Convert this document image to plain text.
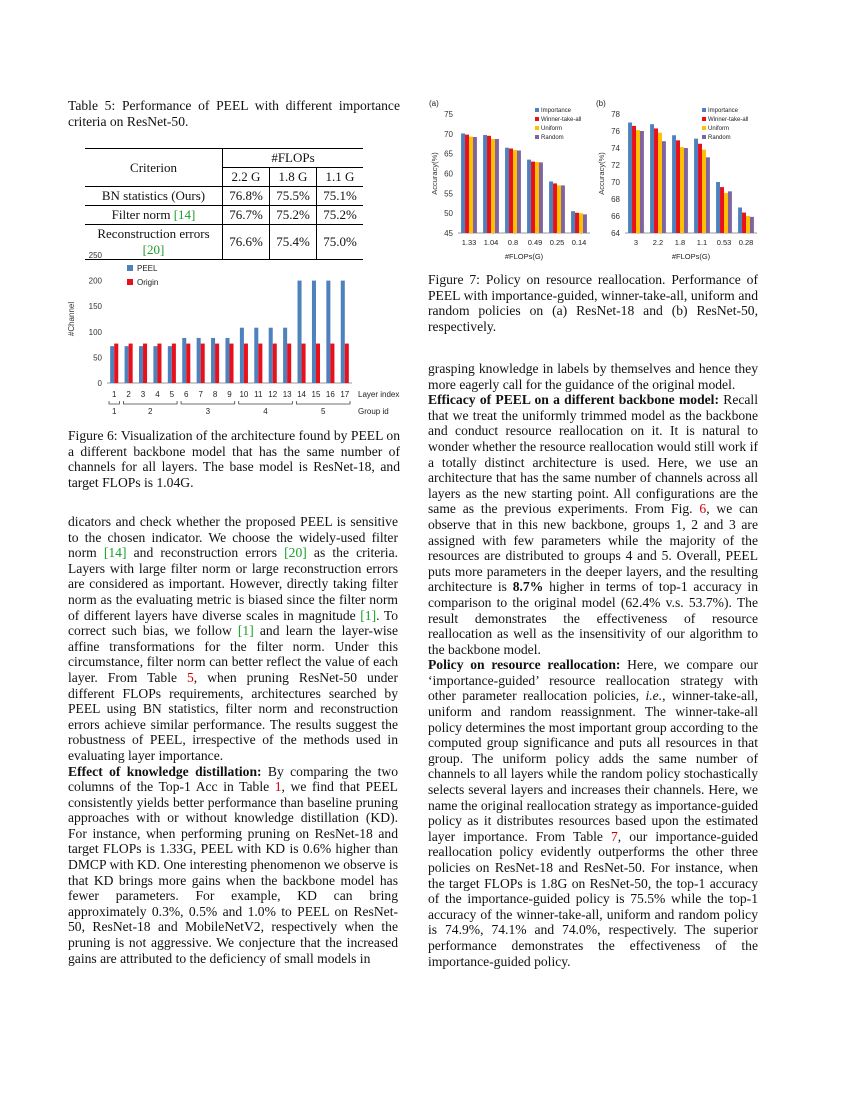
Table 5: Performance of PEEL with different importance criteria on ResNet-50.
Criterion	#FLOPs		
	2.2 G	1.8 G	1.1 G
BN statistics (Ours)	76.8%	75.5%	75.1%
Filter norm [14]	76.7%	75.2%	75.2%
Reconstruction errors [20]	76.6%	75.4%	75.0%
0
50
100
150
200
250
#Channel
1 2 3 4 5 6 7 8 9 10 11 12 13 14 15 16 17 Layer index
1	2	3	4	5	Group id
PEEL
Origin
Figure 6: Visualization of the architecture found by PEEL on a different backbone model that has the same number of channels for all layers. The base model is ResNet-18, and target FLOPs is 1.04G.
(a)
45
50
55
60
65
70
75
Accuracy(%)
1.33 1.04 0.8 0.49 0.25 0.14
#FLOPs(G)
Importance
Winner-take-all
Uniform
Random
(b)
64
66
68
70
72
74
76
78
Accuracy(%)
3 2.2 1.8 1.1 0.53 0.28
#FLOPs(G)
Importance
Winner-take-all
Uniform
Random
Figure 7: Policy on resource reallocation. Performance of PEEL with importance-guided, winner-take-all, uniform and random policies on (a) ResNet-18 and (b) ResNet-50, respectively.

dicators and check whether the proposed PEEL is sensitive to the chosen indicator. We choose the widely-used filter norm [14] and reconstruction errors [20] as the criteria. Layers with large filter norm or large reconstruction errors are considered as important. However, directly taking filter norm as the evaluating metric is biased since the filter norm of different layers have diverse scales in magnitude [1]. To correct such bias, we follow [1] and learn the layer-wise affine transformations for the filter norm. Under this circumstance, filter norm can better reflect the value of each layer. From Table 5, when pruning ResNet-50 under different FLOPs requirements, architectures searched by PEEL using BN statistics, filter norm and reconstruction errors achieve similar performance. The results suggest the robustness of PEEL, irrespective of the methods used in evaluating layer importance.

Effect of knowledge distillation: By comparing the two columns of the Top-1 Acc in Table 1, we find that PEEL consistently yields better performance than baseline pruning approaches with or without knowledge distillation (KD). For instance, when performing pruning on ResNet-18 and target FLOPs is 1.33G, PEEL with KD is 0.6% higher than DMCP with KD. One interesting phenomenon we observe is that KD brings more gains when the backbone model has fewer parameters. For example, KD can bring approximately 0.3%, 0.5% and 1.0% to PEEL on ResNet-50, ResNet-18 and MobileNetV2, respectively when the pruning is not aggressive. We conjecture that the increased gains are attributed to the deficiency of small models in

grasping knowledge in labels by themselves and hence they more eagerly call for the guidance of the original model.

Efficacy of PEEL on a different backbone model: Recall that we treat the uniformly trimmed model as the backbone and conduct resource reallocation on it. It is natural to wonder whether the resource reallocation would still work if a totally distinct architecture is used. Here, we use an architecture that has the same number of channels across all layers as the new starting point. All configurations are the same as the previous experiments. From Fig. 6, we can observe that in this new backbone, groups 1, 2 and 3 are assigned with few parameters while the majority of the resources are distributed to groups 4 and 5. Overall, PEEL puts more parameters in the deeper layers, and the resulting architecture is 8.7% higher in terms of top-1 accuracy in comparison to the original model (62.4% v.s. 53.7%). The result demonstrates the effectiveness of resource reallocation as well as the insensitivity of our algorithm to the backbone model.

Policy on resource reallocation: Here, we compare our ‘importance-guided’ resource reallocation strategy with other parameter reallocation policies, i.e., winner-take-all, uniform and random reassignment. The winner-take-all policy determines the most important group according to the computed group significance and puts all resources in that group. The uniform policy adds the same number of channels to all layers while the random policy stochastically selects several layers and increases their channels. Here, we name the original reallocation strategy as importance-guided policy as it distributes resources based upon the estimated layer importance. From Table 7, our importance-guided reallocation policy evidently outperforms the other three policies on ResNet-18 and ResNet-50. For instance, when the target FLOPs is 1.8G on ResNet-50, the top-1 accuracy of the importance-guided policy is 75.5% while the top-1 accuracy of the winner-take-all, uniform and random policy is 74.9%, 74.1% and 74.0%, respectively. The superior performance demonstrates the effectiveness of the importance-guided policy.
